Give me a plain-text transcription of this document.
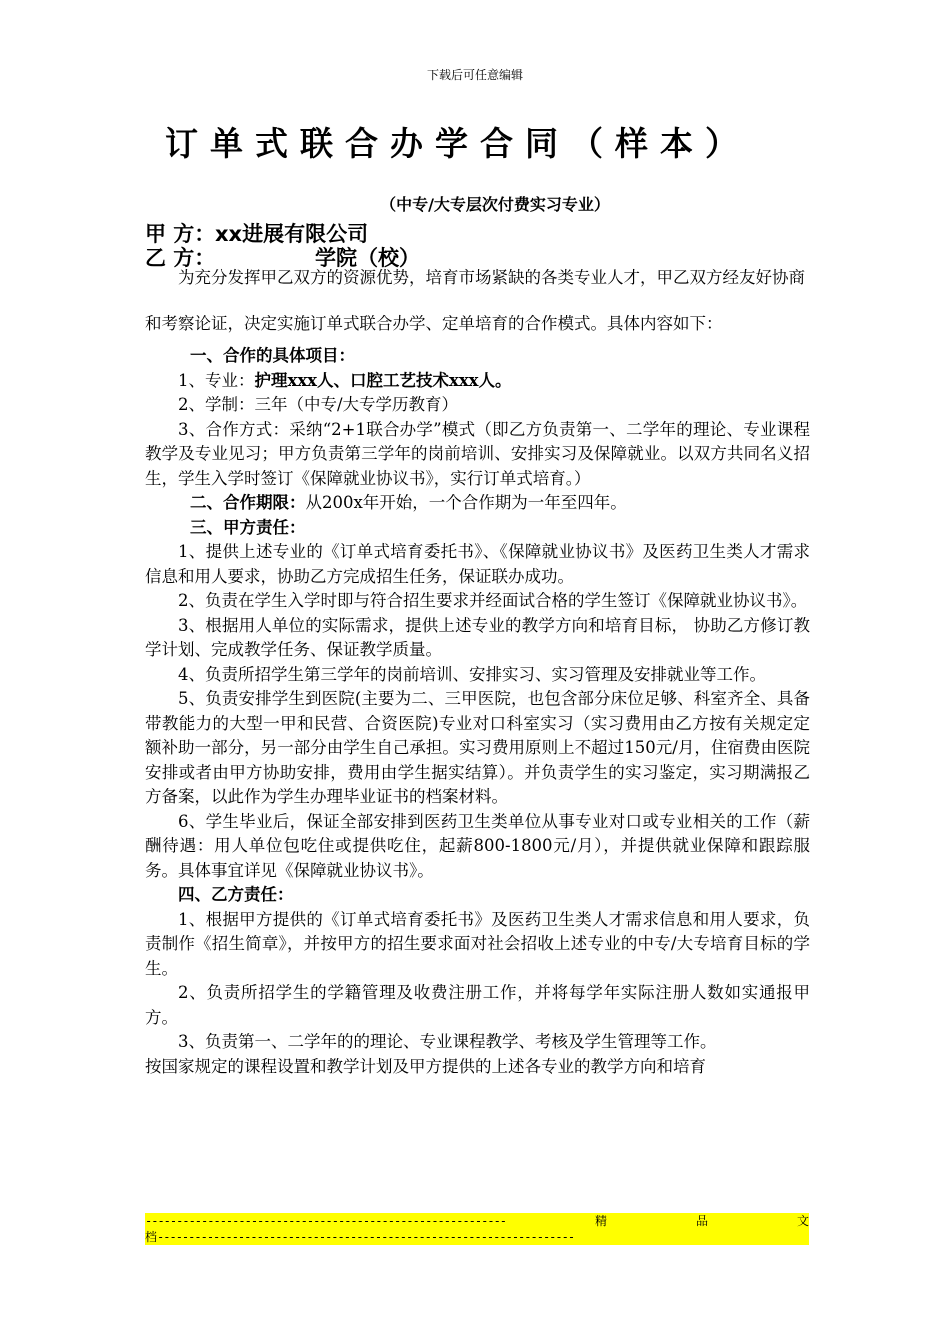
下载后可任意编辑
订单式联合办学合同（样本）
（中专/大专层次付费实习专业）
甲 方：xx进展有限公司
乙 方：	学院（校）

为充分发挥甲乙双方的资源优势，培育市场紧缺的各类专业人才，甲乙双方经友好协商

和考察论证，决定实施订单式联合办学、定单培育的合作模式。具体内容如下：

一、合作的具体项目：

1、专业：护理xxx人、口腔工艺技术xxx人。

2、学制：三年（中专/大专学历教育）

3、合作方式：采纳“2+1联合办学”模式（即乙方负责第一、二学年的理论、专业课程教学及专业见习；甲方负责第三学年的岗前培训、安排实习及保障就业。以双方共同名义招生，学生入学时签订《保障就业协议书》，实行订单式培育。）

二、合作期限：从200x年开始，一个合作期为一年至四年。

三、甲方责任：

1、提供上述专业的《订单式培育委托书》、《保障就业协议书》及医药卫生类人才需求信息和用人要求，协助乙方完成招生任务，保证联办成功。

2、负责在学生入学时即与符合招生要求并经面试合格的学生签订《保障就业协议书》。

3、根据用人单位的实际需求，提供上述专业的教学方向和培育目标， 协助乙方修订教学计划、完成教学任务、保证教学质量。

4、负责所招学生第三学年的岗前培训、安排实习、实习管理及安排就业等工作。

5、负责安排学生到医院(主要为二、三甲医院，也包含部分床位足够、科室齐全、具备带教能力的大型一甲和民营、合资医院)专业对口科室实习（实习费用由乙方按有关规定定额补助一部分，另一部分由学生自己承担。实习费用原则上不超过150元/月，住宿费由医院安排或者由甲方协助安排，费用由学生据实结算）。并负责学生的实习鉴定，实习期满报乙方备案，以此作为学生办理毕业证书的档案材料。

6、学生毕业后，保证全部安排到医药卫生类单位从事专业对口或专业相关的工作（薪酬待遇：用人单位包吃住或提供吃住，起薪800-1800元/月），并提供就业保障和跟踪服务。具体事宜详见《保障就业协议书》。

四、乙方责任：

1、根据甲方提供的《订单式培育委托书》及医药卫生类人才需求信息和用人要求，负责制作《招生简章》，并按甲方的招生要求面对社会招收上述专业的中专/大专培育目标的学生。

2、负责所招学生的学籍管理及收费注册工作，并将每学年实际注册人数如实通报甲方。

3、负责第一、二学年的的理论、专业课程教学、考核及学生管理等工作。

按国家规定的课程设置和教学计划及甲方提供的上述各专业的教学方向和培育

----------------------------------------------------------	精	品	文
档-------------------------------------------------------------------
